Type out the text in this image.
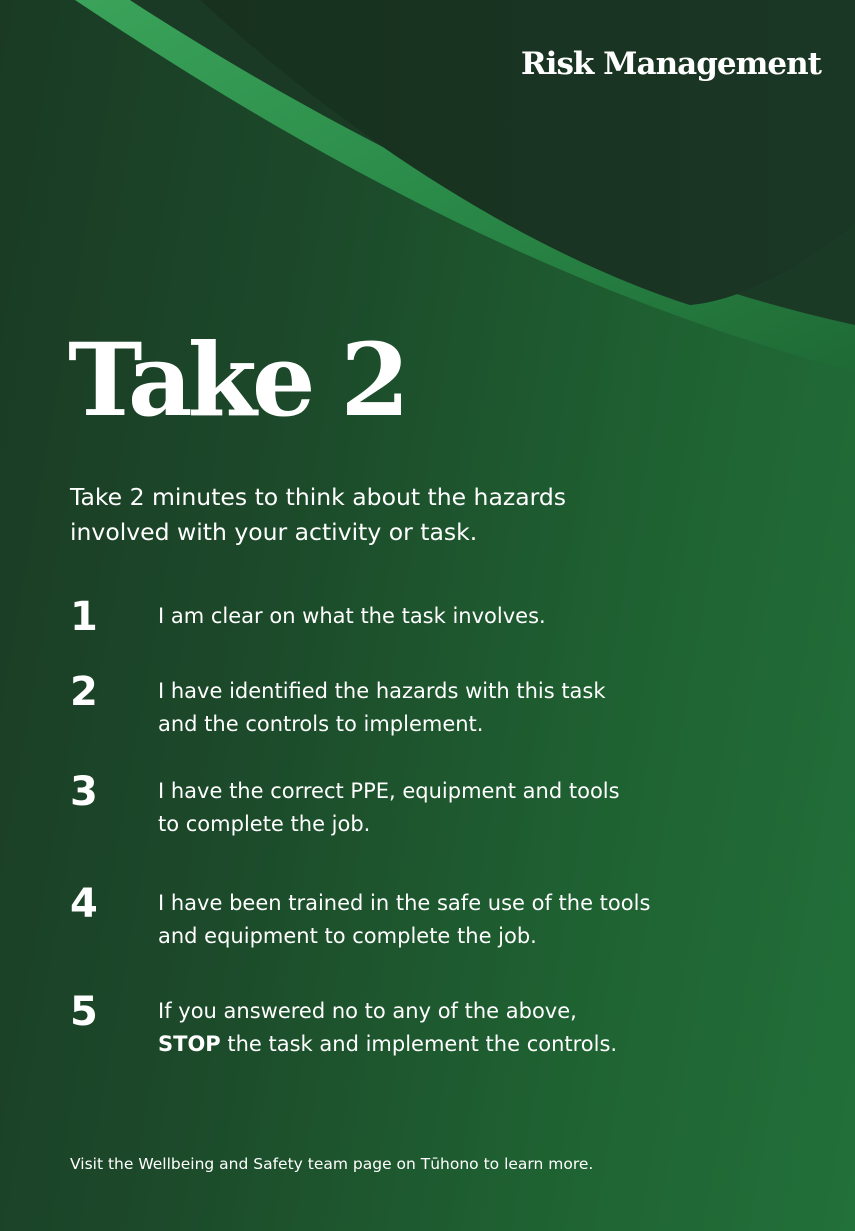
Risk Management
Take 2

Take 2 minutes to think about the hazards
involved with your activity or task.

1	I am clear on what the task involves.

2	I have identified the hazards with this task
and the controls to implement.

3	I have the correct PPE, equipment and tools
to complete the job.

4	I have been trained in the safe use of the tools
and equipment to complete the job.

5	If you answered no to any of the above,
STOP the task and implement the controls.

Visit the Wellbeing and Safety team page on Tūhono to learn more.
